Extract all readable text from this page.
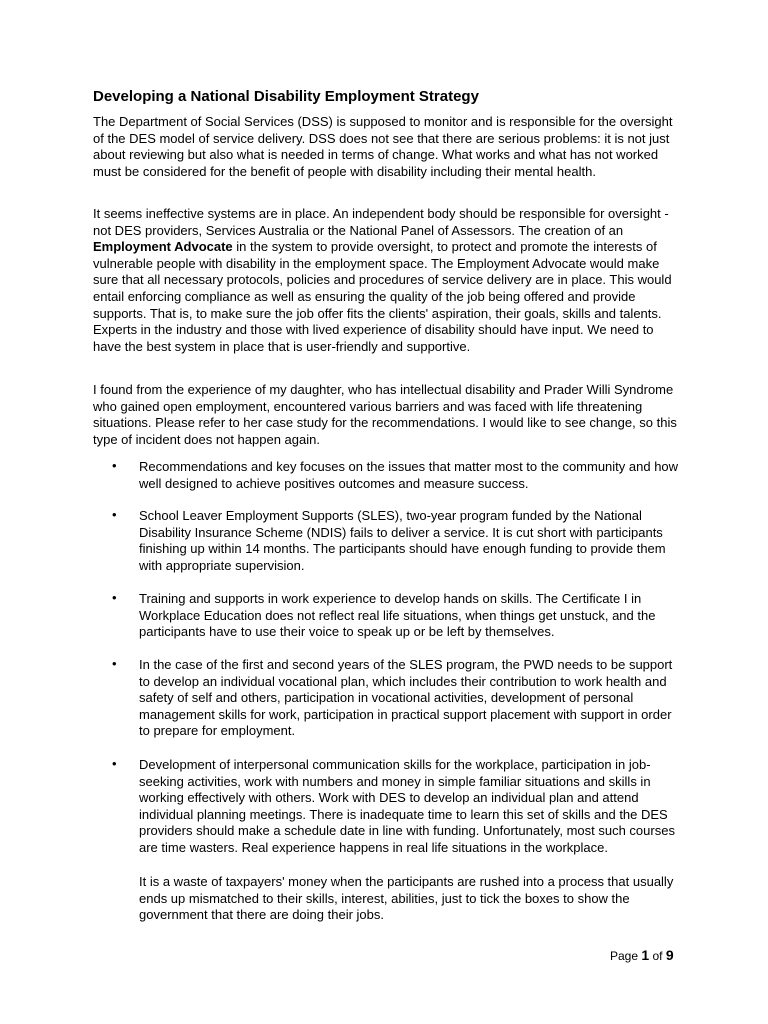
Developing a National Disability Employment Strategy

The Department of Social Services (DSS) is supposed to monitor and is responsible for the oversight of the DES model of service delivery. DSS does not see that there are serious problems: it is not just about reviewing but also what is needed in terms of change. What works and what has not worked must be considered for the benefit of people with disability including their mental health.

It seems ineffective systems are in place. An independent body should be responsible for oversight - not DES providers, Services Australia or the National Panel of Assessors. The creation of an Employment Advocate in the system to provide oversight, to protect and promote the interests of vulnerable people with disability in the employment space. The Employment Advocate would make sure that all necessary protocols, policies and procedures of service delivery are in place. This would entail enforcing compliance as well as ensuring the quality of the job being offered and provide supports. That is, to make sure the job offer fits the clients' aspiration, their goals, skills and talents. Experts in the industry and those with lived experience of disability should have input. We need to have the best system in place that is user-friendly and supportive.

I found from the experience of my daughter, who has intellectual disability and Prader Willi Syndrome who gained open employment, encountered various barriers and was faced with life threatening situations. Please refer to her case study for the recommendations. I would like to see change, so this type of incident does not happen again.

• Recommendations and key focuses on the issues that matter most to the community and how well designed to achieve positives outcomes and measure success.

• School Leaver Employment Supports (SLES), two-year program funded by the National Disability Insurance Scheme (NDIS) fails to deliver a service. It is cut short with participants finishing up within 14 months. The participants should have enough funding to provide them with appropriate supervision.

• Training and supports in work experience to develop hands on skills. The Certificate I in Workplace Education does not reflect real life situations, when things get unstuck, and the participants have to use their voice to speak up or be left by themselves.

• In the case of the first and second years of the SLES program, the PWD needs to be support to develop an individual vocational plan, which includes their contribution to work health and safety of self and others, participation in vocational activities, development of personal management skills for work, participation in practical support placement with support in order to prepare for employment.

• Development of interpersonal communication skills for the workplace, participation in job-seeking activities, work with numbers and money in simple familiar situations and skills in working effectively with others. Work with DES to develop an individual plan and attend individual planning meetings. There is inadequate time to learn this set of skills and the DES providers should make a schedule date in line with funding. Unfortunately, most such courses are time wasters. Real experience happens in real life situations in the workplace.

It is a waste of taxpayers' money when the participants are rushed into a process that usually ends up mismatched to their skills, interest, abilities, just to tick the boxes to show the government that there are doing their jobs.

Page 1 of 9
